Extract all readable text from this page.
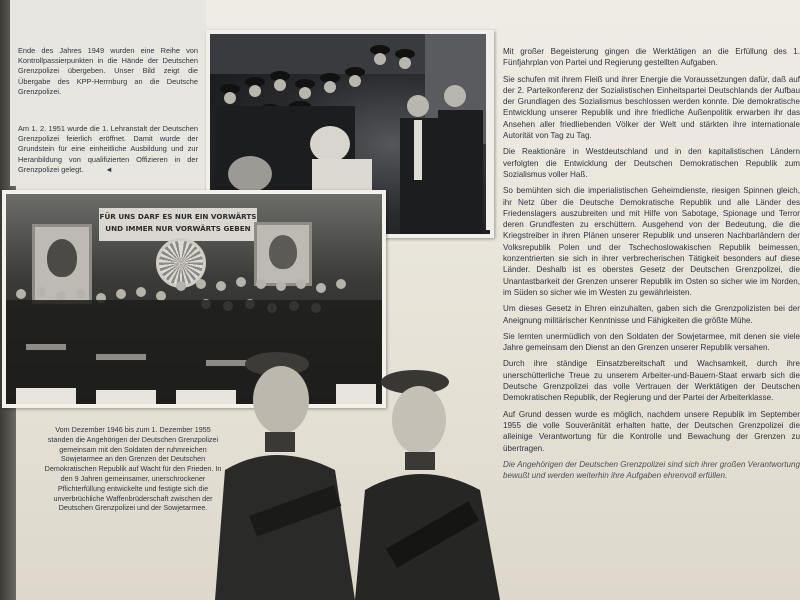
Ende des Jahres 1949 wurden eine Reihe von Kontrollpassierpunkten in die Hände der Deutschen Grenzpolizei übergeben. Unser Bild zeigt die Übergabe des KPP-Herrnburg an die Deutsche Grenzpolizei.
Am 1. 2. 1951 wurde die 1. Lehranstalt der Deutschen Grenzpolizei feierlich eröffnet. Damit wurde der Grundstein für eine einheitliche Ausbildung und zur Heranbildung von qualifizierten Offizieren in der Grenzpolizei gelegt.	◄
FÜR UNS DARF ES NUR EIN VORWÄRTS
UND IMMER NUR VORWÄRTS GEBEN
Vom Dezember 1946 bis zum 1. Dezember 1955 standen die Angehörigen der Deutschen Grenzpolizei gemeinsam mit den Soldaten der ruhmreichen Sowjetarmee an den Grenzen der Deutschen Demokratischen Republik auf Wacht für den Frieden. In den 9 Jahren gemeinsamer, unerschrockener Pflichterfüllung entwickelte und festigte sich die unverbrüchliche Waffenbrüderschaft zwischen der Deutschen Grenzpolizei und der Sowjetarmee.

Mit großer Begeisterung gingen die Werktätigen an die Erfüllung des 1. Fünfjahrplan von Partei und Regierung gestellten Aufgaben.

Sie schufen mit ihrem Fleiß und ihrer Energie die Voraussetzungen dafür, daß auf der 2. Parteikonferenz der Sozialistischen Einheitspartei Deutschlands der Aufbau der Grundlagen des Sozialismus beschlossen werden konnte. Die demokratische Entwicklung unserer Republik und ihre friedliche Außenpolitik erwarben ihr das Ansehen aller friedliebenden Völker der Welt und stärkten ihre internationale Autorität von Tag zu Tag.

Die Reaktionäre in Westdeutschland und in den kapitalistischen Ländern verfolgten die Entwicklung der Deutschen Demokratischen Republik zum Sozialismus voller Haß.

So bemühten sich die imperialistischen Geheimdienste, riesigen Spinnen gleich, ihr Netz über die Deutsche Demokratische Republik und alle Länder des Friedenslagers auszubreiten und mit Hilfe von Sabotage, Spionage und Terror deren Grundfesten zu erschüttern. Ausgehend von der Bedeutung, die die Kriegstreiber in ihren Plänen unserer Republik und unseren Nachbarländern der Volksrepublik Polen und der Tschechoslowakischen Republik beimessen, konzentrierten sie sich in ihrer verbrecherischen Tätigkeit besonders auf diese Länder. Deshalb ist es oberstes Gesetz der Deutschen Grenzpolizei, die Unantastbarkeit der Grenzen unserer Republik im Osten so sicher wie im Norden, im Süden so sicher wie im Westen zu gewährleisten.

Um dieses Gesetz in Ehren einzuhalten, gaben sich die Grenzpolizisten bei der Aneignung militärischer Kenntnisse und Fähigkeiten die größte Mühe.

Sie lernten unermüdlich von den Soldaten der Sowjetarmee, mit denen sie viele Jahre gemeinsam den Dienst an den Grenzen unserer Republik versahen.

Durch ihre ständige Einsatzbereitschaft und Wachsamkeit, durch ihre unerschütterliche Treue zu unserem Arbeiter-und-Bauern-Staat erwarb sich die Deutsche Grenzpolizei das volle Vertrauen der Werktätigen der Deutschen Demokratischen Republik, der Regierung und der Partei der Arbeiterklasse.

Auf Grund dessen wurde es möglich, nachdem unsere Republik im September 1955 die volle Souveränität erhalten hatte, der Deutschen Grenzpolizei die alleinige Verantwortung für die Kontrolle und Bewachung der Grenzen zu übertragen.

Die Angehörigen der Deutschen Grenzpolizei sind sich ihrer großen Verantwortung bewußt und werden weiterhin ihre Aufgaben ehrenvoll erfüllen.
